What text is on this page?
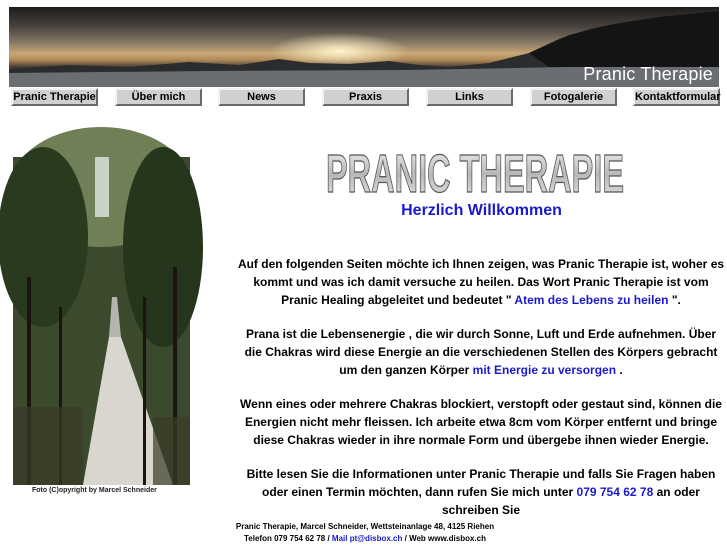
Pranic Therapie
Pranic Therapie	Über mich	News	Praxis	Links	Fotogalerie	Kontaktformular
Foto (C)opyright by Marcel Schneider
PRANIC THERAPIE
Herzlich Willkommen

Auf den folgenden Seiten möchte ich Ihnen zeigen, was Pranic Therapie ist, woher es kommt und was ich damit versuche zu heilen. Das Wort Pranic Therapie ist vom Pranic Healing abgeleitet und bedeutet " Atem des Lebens zu heilen ".

Prana ist die Lebensenergie , die wir durch Sonne, Luft und Erde aufnehmen. Über die Chakras wird diese Energie an die verschiedenen Stellen des Körpers gebracht um den ganzen Körper mit Energie zu versorgen .

Wenn eines oder mehrere Chakras blockiert, verstopft oder gestaut sind, können die Energien nicht mehr fleissen. Ich arbeite etwa 8cm vom Körper entfernt und bringe diese Chakras wieder in ihre normale Form und übergebe ihnen wieder Energie.

Bitte lesen Sie die Informationen unter Pranic Therapie und falls Sie Fragen haben oder einen Termin möchten, dann rufen Sie mich unter 079 754 62 78 an oder schreiben Sie

Pranic Therapie, Marcel Schneider, Wettsteinanlage 48, 4125 Riehen
Telefon 079 754 62 78 / Mail pt@disbox.ch / Web www.disbox.ch
